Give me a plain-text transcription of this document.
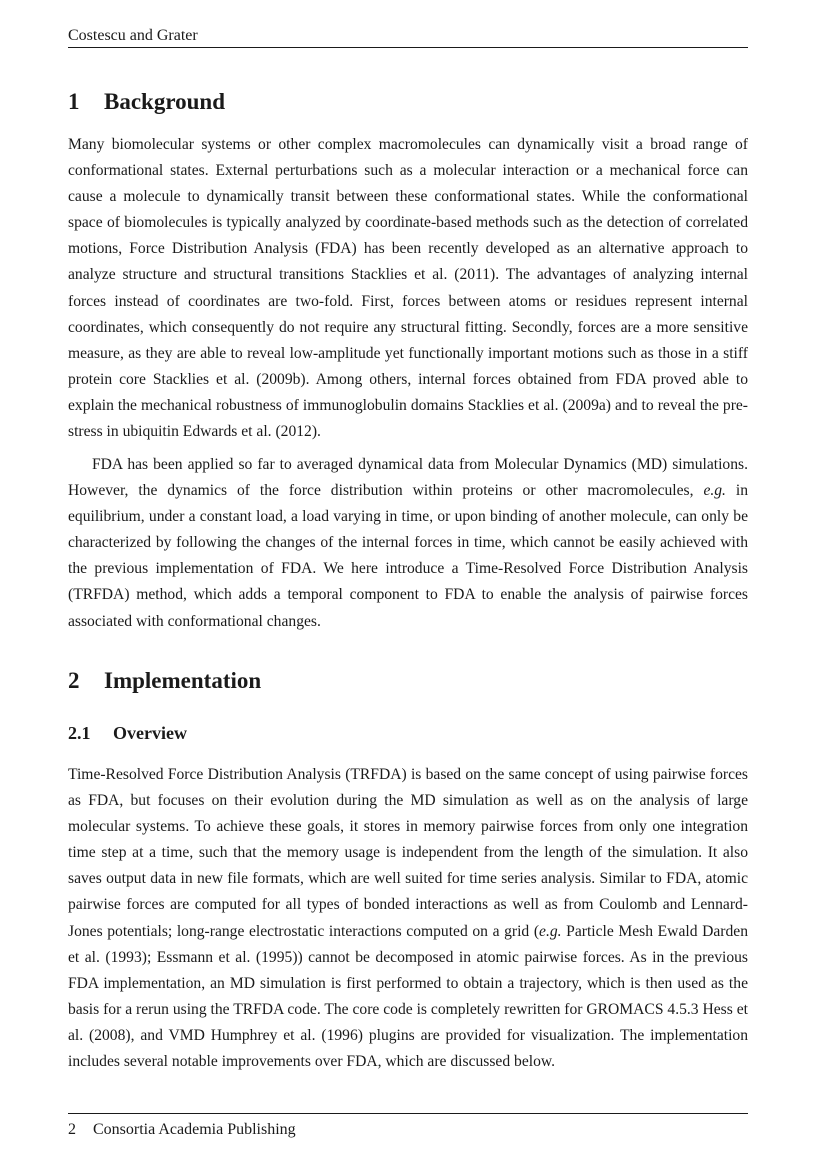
Costescu and Grater
1 Background

Many biomolecular systems or other complex macromolecules can dynamically visit a broad range of conformational states. External perturbations such as a molecular interaction or a mechanical force can cause a molecule to dynamically transit between these conformational states. While the conformational space of biomolecules is typically analyzed by coordinate-based methods such as the detection of correlated motions, Force Distribution Analysis (FDA) has been recently developed as an alternative approach to analyze structure and structural transitions Stacklies et al. (2011). The advantages of analyzing internal forces instead of coordinates are two-fold. First, forces between atoms or residues represent internal coordinates, which consequently do not require any structural fitting. Secondly, forces are a more sensitive measure, as they are able to reveal low-amplitude yet functionally important motions such as those in a stiff protein core Stacklies et al. (2009b). Among others, internal forces obtained from FDA proved able to explain the mechanical robustness of immunoglobulin domains Stacklies et al. (2009a) and to reveal the pre-stress in ubiquitin Edwards et al. (2012).

FDA has been applied so far to averaged dynamical data from Molecular Dynamics (MD) simulations. However, the dynamics of the force distribution within proteins or other macromolecules, e.g. in equilibrium, under a constant load, a load varying in time, or upon binding of another molecule, can only be characterized by following the changes of the internal forces in time, which cannot be easily achieved with the previous implementation of FDA. We here introduce a Time-Resolved Force Distribution Analysis (TRFDA) method, which adds a temporal component to FDA to enable the analysis of pairwise forces associated with conformational changes.

2 Implementation
2.1 Overview

Time-Resolved Force Distribution Analysis (TRFDA) is based on the same concept of using pairwise forces as FDA, but focuses on their evolution during the MD simulation as well as on the analysis of large molecular systems. To achieve these goals, it stores in memory pairwise forces from only one integration time step at a time, such that the memory usage is independent from the length of the simulation. It also saves output data in new file formats, which are well suited for time series analysis. Similar to FDA, atomic pairwise forces are computed for all types of bonded interactions as well as from Coulomb and Lennard-Jones potentials; long-range electrostatic interactions computed on a grid (e.g. Particle Mesh Ewald Darden et al. (1993); Essmann et al. (1995)) cannot be decomposed in atomic pairwise forces. As in the previous FDA implementation, an MD simulation is first performed to obtain a trajectory, which is then used as the basis for a rerun using the TRFDA code. The core code is completely rewritten for GROMACS 4.5.3 Hess et al. (2008), and VMD Humphrey et al. (1996) plugins are provided for visualization. The implementation includes several notable improvements over FDA, which are discussed below.

2 Consortia Academia Publishing
